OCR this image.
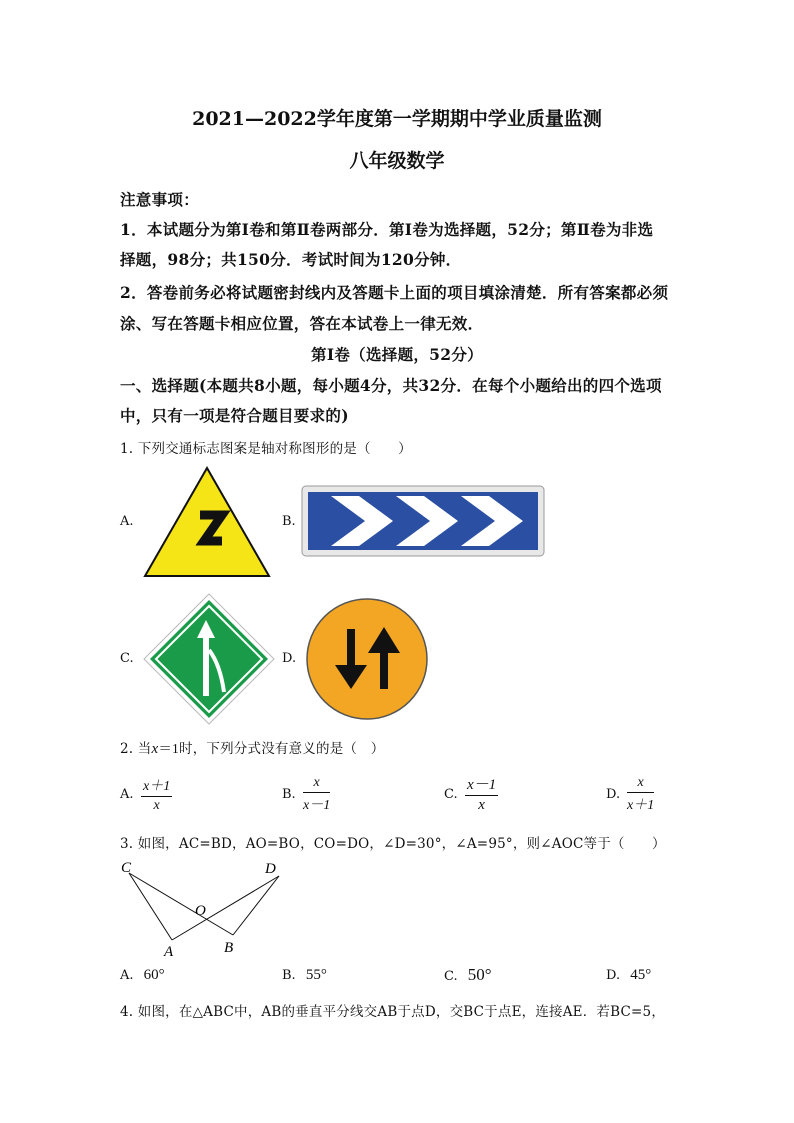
2021—2022学年度第一学期期中学业质量监测
八年级数学
注意事项：
1．本试题分为第Ⅰ卷和第Ⅱ卷两部分．第Ⅰ卷为选择题，52分；第Ⅱ卷为非选
择题，98分；共150分．考试时间为120分钟．
2．答卷前务必将试题密封线内及答题卡上面的项目填涂清楚．所有答案都必须
涂、写在答题卡相应位置，答在本试卷上一律无效．
第Ⅰ卷（选择题，52分）
一、选择题(本题共8小题，每小题4分，共32分．在每个小题给出的四个选项
中，只有一项是符合题目要求的)
1. 下列交通标志图案是轴对称图形的是（　　）
A.	B.
C.	D.
2. 当x＝1时，下列分式没有意义的是（　）
A. $\frac{x+1}{x}$	B. $\frac{x}{x-1}$	C. $\frac{x-1}{x}$	D. $\frac{x}{x+1}$
3. 如图，AC=BD，AO=BO，CO=DO，∠D=30°，∠A=95°，则∠AOC等于（　　）
C	D
O
A	B
A. 60°	B. 55°	C. 50°	D. 45°
4. 如图，在△ABC中，AB的垂直平分线交AB于点D，交BC于点E，连接AE．若BC=5，
